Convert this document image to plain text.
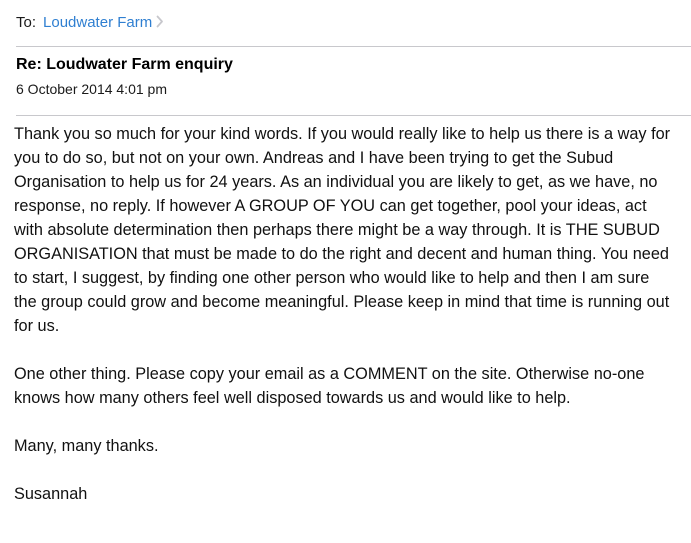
To: Loudwater Farm
Re: Loudwater Farm enquiry
6 October 2014 4:01 pm

Thank you so much for your kind words. If you would really like to help us there is a way for you to do so, but not on your own. Andreas and I have been trying to get the Subud Organisation to help us for 24 years. As an individual you are likely to get, as we have, no response, no reply. If however A GROUP OF YOU can get together, pool your ideas, act with absolute determination then perhaps there might be a way through. It is THE SUBUD ORGANISATION that must be made to do the right and decent and human thing. You need to start, I suggest, by finding one other person who would like to help and then I am sure the group could grow and become meaningful. Please keep in mind that time is running out for us.

One other thing. Please copy your email as a COMMENT on the site. Otherwise no-one knows how many others feel well disposed towards us and would like to help.

Many, many thanks.

Susannah
